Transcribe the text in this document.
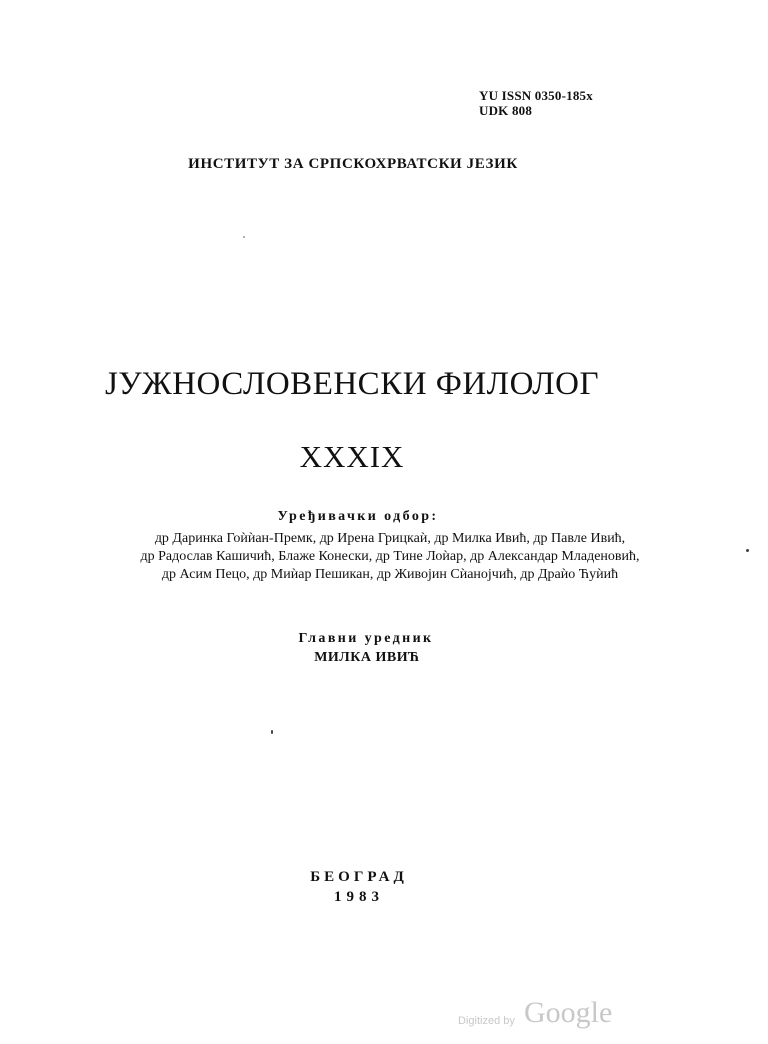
YU ISSN 0350-185x
UDK 808
ИНСТИТУТ ЗА СРПСКОХРВАТСКИ ЈЕЗИК
ЈУЖНОСЛОВЕНСКИ ФИЛОЛОГ
XXXIX
Уређивачки одбор:
др Даринка Гоѝѝан-Премк, др Ирена Грицкаѝ, др Милка Ивић, др Павле Ивић,
др Радослав Кашичић, Блаже Конески, др Тине Лоѝар, др Александар Младеновић,
др Асим Пецо, др Миѝар Пешикан, др Живојин Сѝанојчић, др Драѝо Ћуѝић
Главни уредник
МИЛКА ИВИЋ
БЕОГРАД
1983
Digitized by Google
